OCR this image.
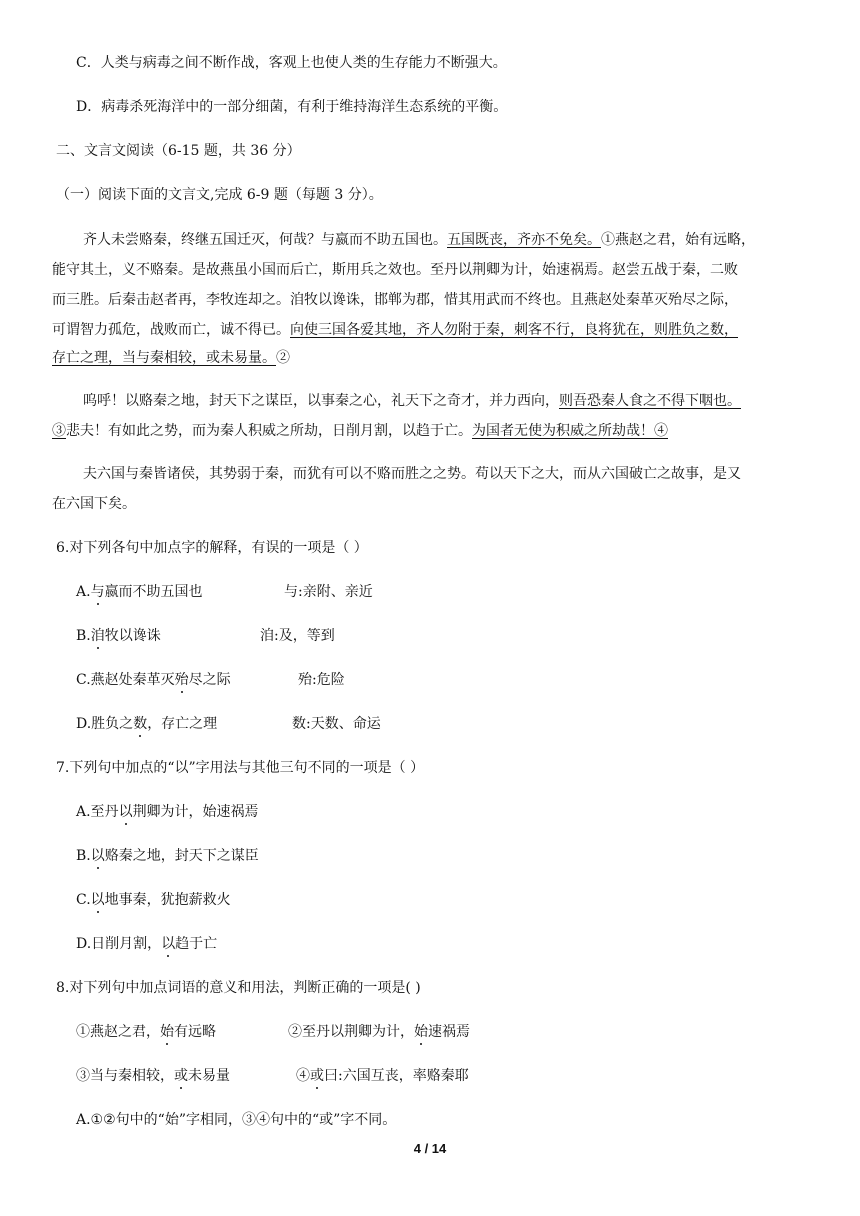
C．人类与病毒之间不断作战，客观上也使人类的生存能力不断强大。
D．病毒杀死海洋中的一部分细菌，有利于维持海洋生态系统的平衡。
二、文言文阅读（6-15 题，共 36 分）
（一）阅读下面的文言文,完成 6-9 题（每题 3 分）。
齐人未尝赂秦，终继五国迁灭，何哉？与嬴而不助五国也。五国既丧，齐亦不免矣。①燕赵之君，始有远略，
能守其土，义不赂秦。是故燕虽小国而后亡，斯用兵之效也。至丹以荆卿为计，始速祸焉。赵尝五战于秦，二败
而三胜。后秦击赵者再，李牧连却之。洎牧以谗诛，邯郸为郡，惜其用武而不终也。且燕赵处秦革灭殆尽之际，
可谓智力孤危，战败而亡，诚不得已。向使三国各爱其地，齐人勿附于秦，刺客不行，良将犹在，则胜负之数，
存亡之理，当与秦相较，或未易量。②
呜呼！以赂秦之地，封天下之谋臣，以事秦之心，礼天下之奇才，并力西向，则吾恐秦人食之不得下咽也。
③悲夫！有如此之势，而为秦人积威之所劫，日削月割，以趋于亡。为国者无使为积威之所劫哉！④
夫六国与秦皆诸侯，其势弱于秦，而犹有可以不赂而胜之之势。苟以天下之大，而从六国破亡之故事，是又
在六国下矣。
6.对下列各句中加点字的解释，有误的一项是（ ）
A.与嬴而不助五国也	与:亲附、亲近
B.洎牧以谗诛	洎:及，等到
C.燕赵处秦革灭殆尽之际	殆:危险
D.胜负之数，存亡之理	数:天数、命运
7.下列句中加点的“以”字用法与其他三句不同的一项是（ ）
A.至丹以荆卿为计，始速祸焉
B.以赂秦之地，封天下之谋臣
C.以地事秦，犹抱薪救火
D.日削月割，以趋于亡
8.对下列句中加点词语的意义和用法，判断正确的一项是( )
①燕赵之君，始有远略	②至丹以荆卿为计，始速祸焉
③当与秦相较，或未易量	④或曰:六国互丧，率赂秦耶
A.①②句中的“始”字相同，③④句中的“或”字不同。
4 / 14
